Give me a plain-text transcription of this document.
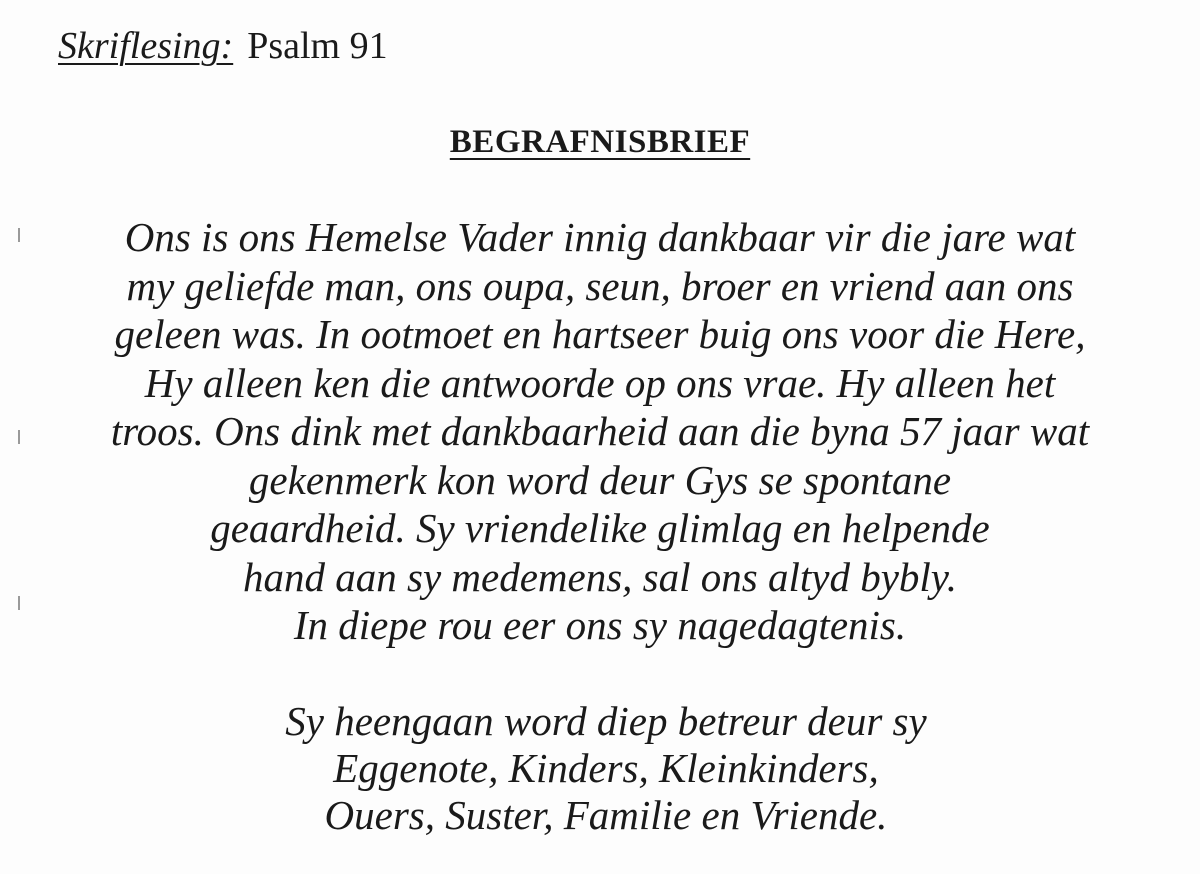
Skriflesing: Psalm 91
BEGRAFNISBRIEF
Ons is ons Hemelse Vader innig dankbaar vir die jare wat
my geliefde man, ons oupa, seun, broer en vriend aan ons
geleen was. In ootmoet en hartseer buig ons voor die Here,
Hy alleen ken die antwoorde op ons vrae. Hy alleen het
troos. Ons dink met dankbaarheid aan die byna 57 jaar wat
gekenmerk kon word deur Gys se spontane
geaardheid. Sy vriendelike glimlag en helpende
hand aan sy medemens, sal ons altyd bybly.
In diepe rou eer ons sy nagedagtenis.
Sy heengaan word diep betreur deur sy
Eggenote, Kinders, Kleinkinders,
Ouers, Suster, Familie en Vriende.
